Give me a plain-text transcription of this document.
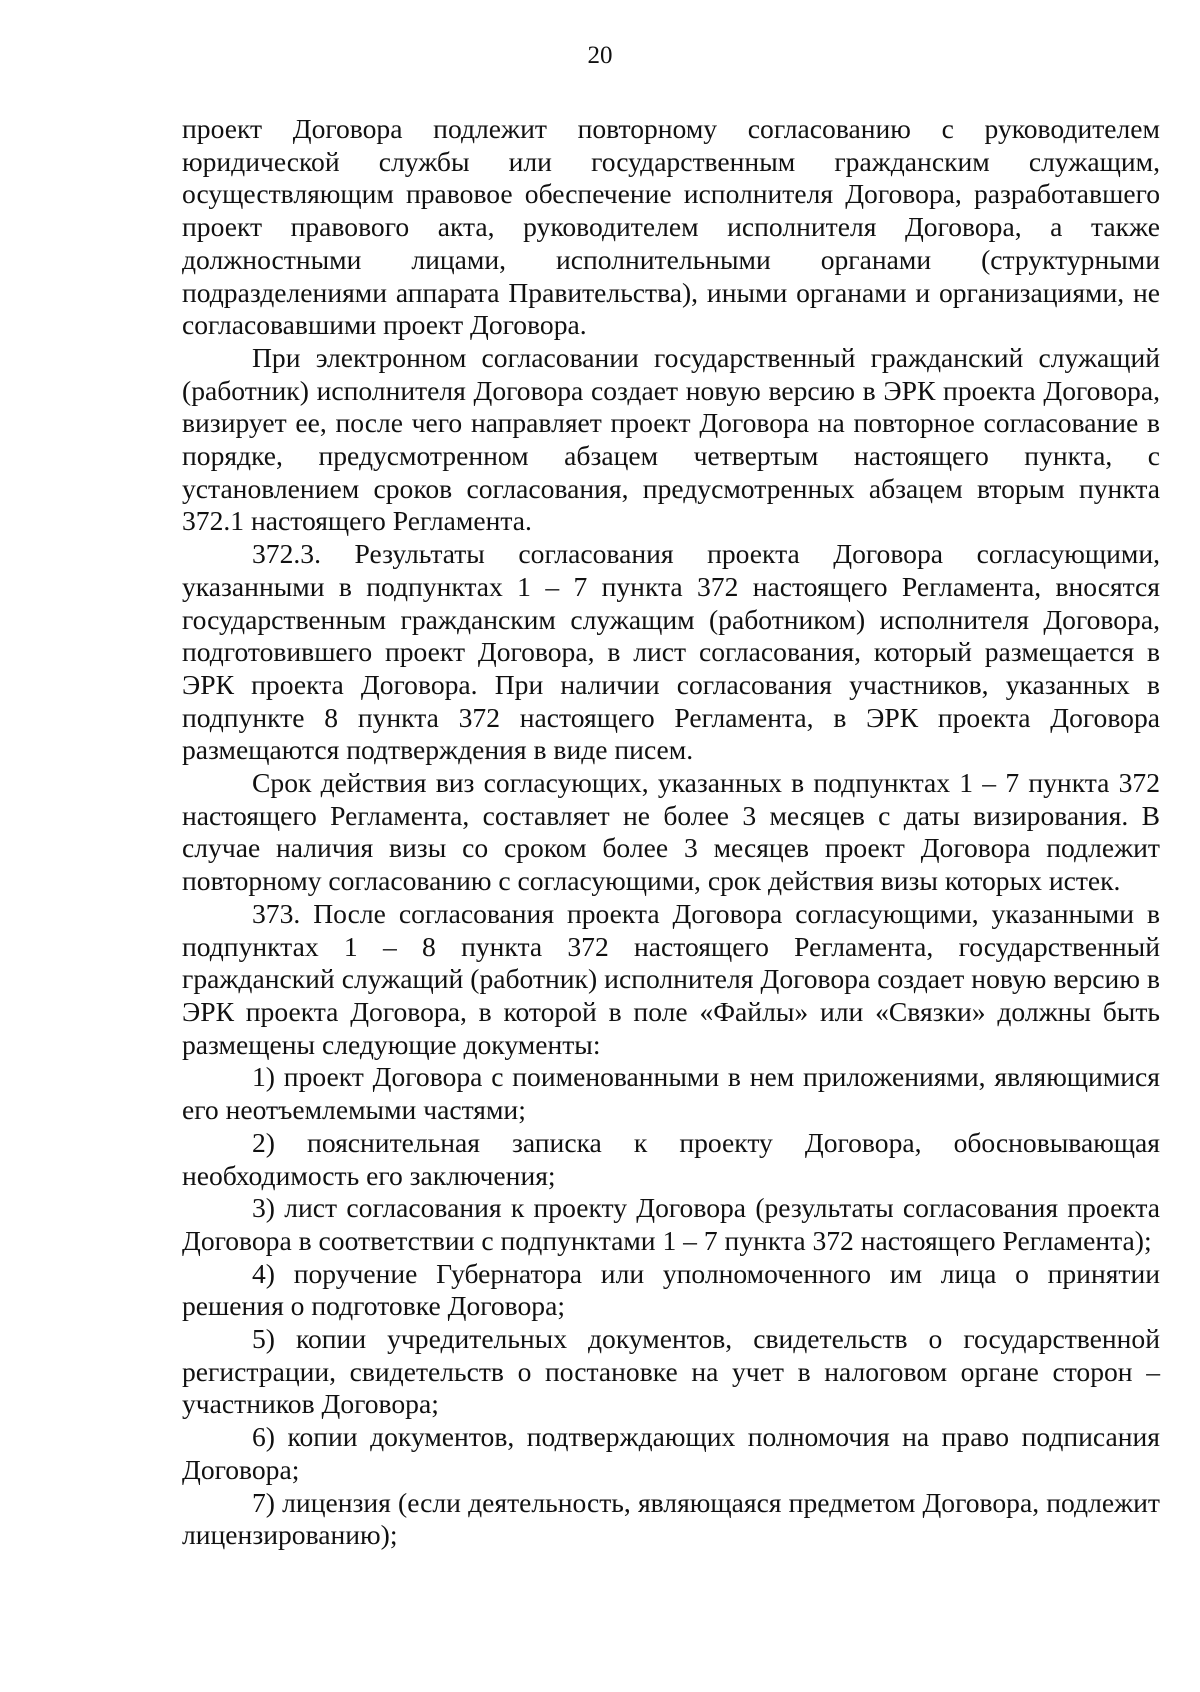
20

проект Договора подлежит повторному согласованию с руководителем юридической службы или государственным гражданским служащим, осуществляющим правовое обеспечение исполнителя Договора, разработавшего проект правового акта, руководителем исполнителя Договора, а также должностными лицами, исполнительными органами (структурными подразделениями аппарата Правительства), иными органами и организациями, не согласовавшими проект Договора.

При электронном согласовании государственный гражданский служащий (работник) исполнителя Договора создает новую версию в ЭРК проекта Договора, визирует ее, после чего направляет проект Договора на повторное согласование в порядке, предусмотренном абзацем четвертым настоящего пункта, с установлением сроков согласования, предусмотренных абзацем вторым пункта 372.1 настоящего Регламента.

372.3. Результаты согласования проекта Договора согласующими, указанными в подпунктах 1 – 7 пункта 372 настоящего Регламента, вносятся государственным гражданским служащим (работником) исполнителя Договора, подготовившего проект Договора, в лист согласования, который размещается в ЭРК проекта Договора. При наличии согласования участников, указанных в подпункте 8 пункта 372 настоящего Регламента, в ЭРК проекта Договора размещаются подтверждения в виде писем.

Срок действия виз согласующих, указанных в подпунктах 1 – 7 пункта 372 настоящего Регламента, составляет не более 3 месяцев с даты визирования. В случае наличия визы со сроком более 3 месяцев проект Договора подлежит повторному согласованию с согласующими, срок действия визы которых истек.

373. После согласования проекта Договора согласующими, указанными в подпунктах 1 – 8 пункта 372 настоящего Регламента, государственный гражданский служащий (работник) исполнителя Договора создает новую версию в ЭРК проекта Договора, в которой в поле «Файлы» или «Связки» должны быть размещены следующие документы:

1) проект Договора с поименованными в нем приложениями, являющимися его неотъемлемыми частями;

2) пояснительная записка к проекту Договора, обосновывающая необходимость его заключения;

3) лист согласования к проекту Договора (результаты согласования проекта Договора в соответствии с подпунктами 1 – 7 пункта 372 настоящего Регламента);

4) поручение Губернатора или уполномоченного им лица о принятии решения о подготовке Договора;

5) копии учредительных документов, свидетельств о государственной регистрации, свидетельств о постановке на учет в налоговом органе сторон – участников Договора;

6) копии документов, подтверждающих полномочия на право подписания Договора;

7) лицензия (если деятельность, являющаяся предметом Договора, подлежит лицензированию);
